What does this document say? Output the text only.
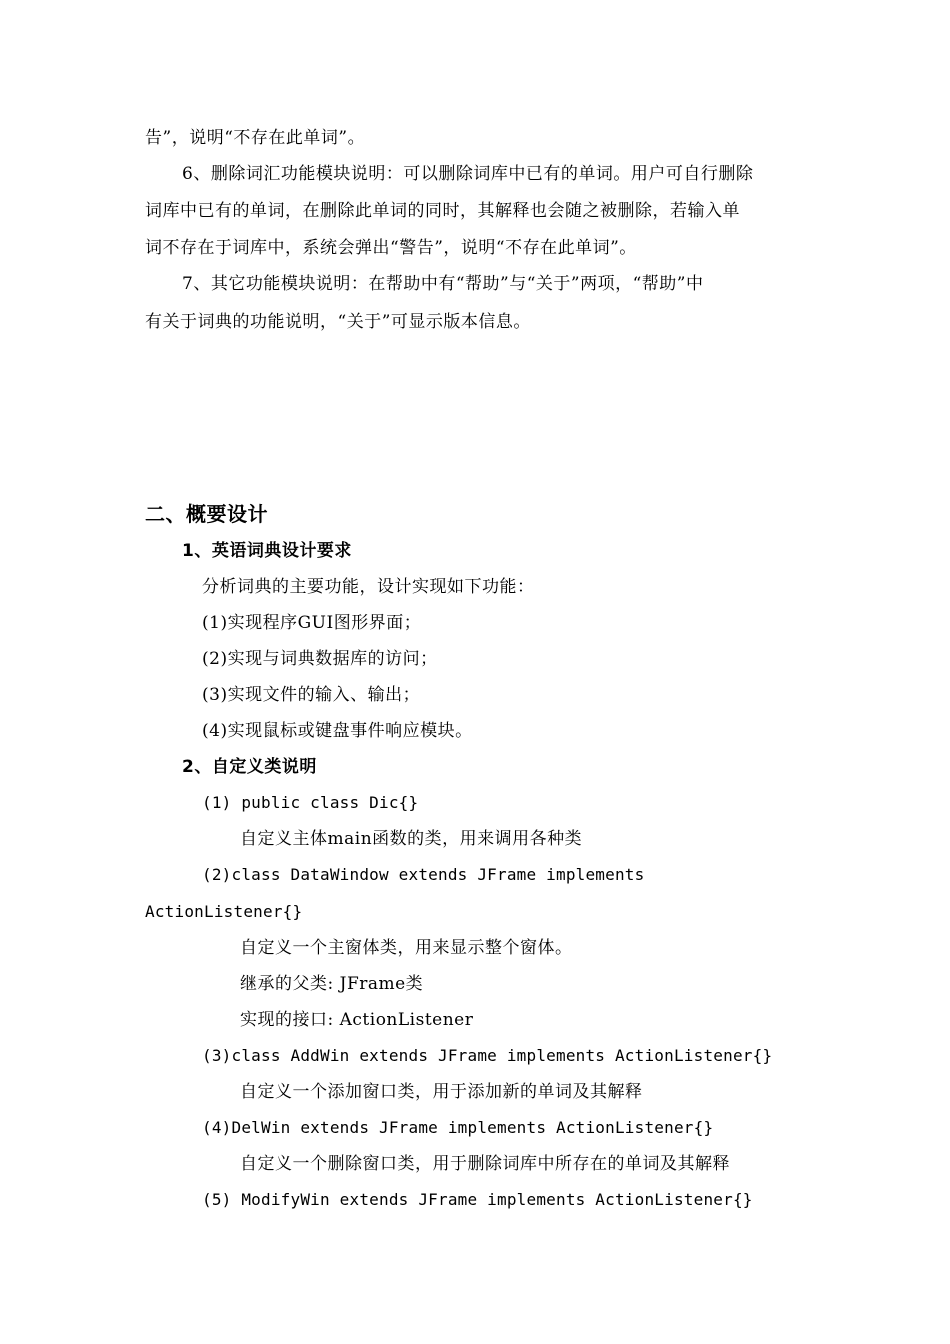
告”，说明“不存在此单词”。
6、删除词汇功能模块说明：可以删除词库中已有的单词。用户可自行删除
词库中已有的单词，在删除此单词的同时，其解释也会随之被删除，若输入单
词不存在于词库中，系统会弹出“警告”，说明“不存在此单词”。
7、其它功能模块说明：在帮助中有“帮助”与“关于”两项，“帮助”中
有关于词典的功能说明，“关于”可显示版本信息。
二、概要设计
1、英语词典设计要求
分析词典的主要功能，设计实现如下功能：
(1)实现程序GUI图形界面；
(2)实现与词典数据库的访问；
(3)实现文件的输入、输出；
(4)实现鼠标或键盘事件响应模块。
2、自定义类说明
(1) public class Dic{}
自定义主体main函数的类，用来调用各种类
(2)class DataWindow extends JFrame implements
ActionListener{}
自定义一个主窗体类，用来显示整个窗体。
继承的父类: JFrame类
实现的接口: ActionListener
(3)class AddWin extends JFrame implements ActionListener{}
自定义一个添加窗口类，用于添加新的单词及其解释
(4)DelWin extends JFrame implements ActionListener{}
自定义一个删除窗口类，用于删除词库中所存在的单词及其解释
(5) ModifyWin extends JFrame implements ActionListener{}
